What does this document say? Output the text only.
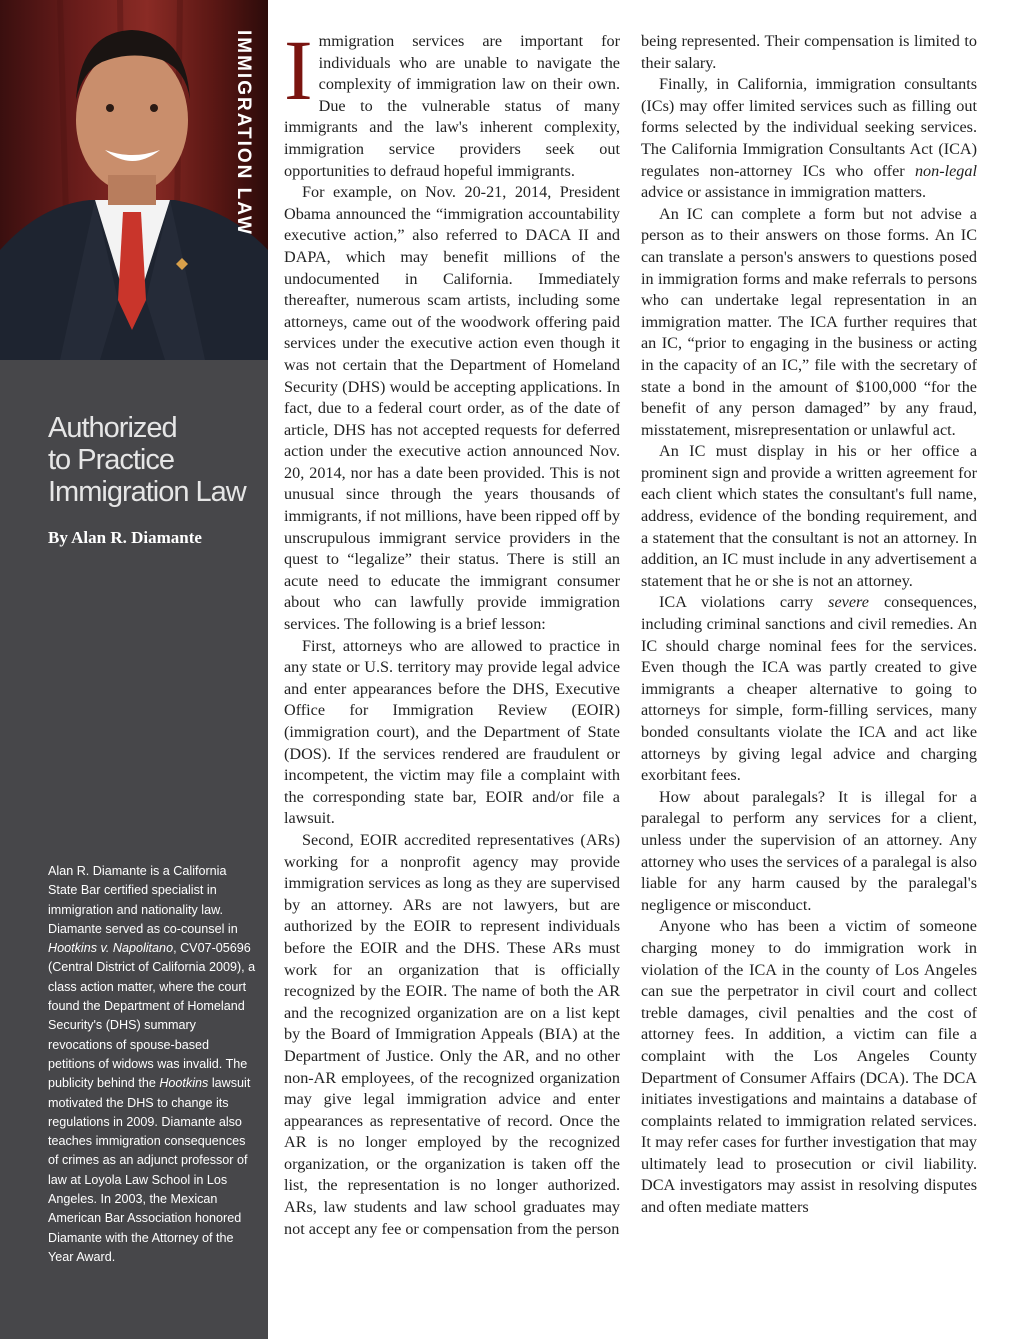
IMMIGRATION LAW
Authorized
to Practice
Immigration Law

By Alan R. Diamante

Alan R. Diamante is a California State Bar certified specialist in immigration and nationality law. Diamante served as co-counsel in Hootkins v. Napolitano, CV07-05696 (Central District of California 2009), a class action matter, where the court found the Department of Homeland Security's (DHS) summary revocations of spouse-based petitions of widows was invalid. The publicity behind the Hootkins lawsuit motivated the DHS to change its regulations in 2009. Diamante also teaches immigration consequences of crimes as an adjunct professor of law at Loyola Law School in Los Angeles. In 2003, the Mexican American Bar Association honored Diamante with the Attorney of the Year Award.

Immigration services are important for individuals who are unable to navigate the complexity of immigration law on their own. Due to the vulnerable status of many immigrants and the law's inherent complexity, immigration service providers seek out opportunities to defraud hopeful immigrants.

For example, on Nov. 20-21, 2014, President Obama announced the “immigration accountability executive action,” also referred to DACA II and DAPA, which may benefit millions of the undocumented in California. Immediately thereafter, numerous scam artists, including some attorneys, came out of the woodwork offering paid services under the executive action even though it was not certain that the Department of Homeland Security (DHS) would be accepting applications. In fact, due to a federal court order, as of the date of article, DHS has not accepted requests for deferred action under the executive action announced Nov. 20, 2014, nor has a date been provided. This is not unusual since through the years thousands of immigrants, if not millions, have been ripped off by unscrupulous immigrant service providers in the quest to “legalize” their status. There is still an acute need to educate the immigrant consumer about who can lawfully provide immigration services. The following is a brief lesson:

First, attorneys who are allowed to practice in any state or U.S. territory may provide legal advice and enter appearances before the DHS, Executive Office for Immigration Review (EOIR) (immigration court), and the Department of State (DOS). If the services rendered are fraudulent or incompetent, the victim may file a complaint with the corresponding state bar, EOIR and/or file a lawsuit.

Second, EOIR accredited representatives (ARs) working for a nonprofit agency may provide immigration services as long as they are supervised by an attorney. ARs are not lawyers, but are authorized by the EOIR to represent individuals before the EOIR and the DHS. These ARs must work for an organization that is officially recognized by the EOIR. The name of both the AR and the recognized organization are on a list kept by the Board of Immigration Appeals (BIA) at the Department of Justice. Only the AR, and no other non-AR employees, of the recognized organization may give legal immigration advice and enter appearances as representative of record. Once the AR is no longer employed by the recognized organization, or the organization is taken off the list, the representation is no longer authorized. ARs, law students and law school graduates may not accept any fee or compensation from the person

being represented. Their compensation is limited to their salary.

Finally, in California, immigration consultants (ICs) may offer limited services such as filling out forms selected by the individual seeking services. The California Immigration Consultants Act (ICA) regulates non-attorney ICs who offer non-legal advice or assistance in immigration matters.

An IC can complete a form but not advise a person as to their answers on those forms. An IC can translate a person's answers to questions posed in immigration forms and make referrals to persons who can undertake legal representation in an immigration matter. The ICA further requires that an IC, “prior to engaging in the business or acting in the capacity of an IC,” file with the secretary of state a bond in the amount of $100,000 “for the benefit of any person damaged” by any fraud, misstatement, misrepresentation or unlawful act.

An IC must display in his or her office a prominent sign and provide a written agreement for each client which states the consultant's full name, address, evidence of the bonding requirement, and a statement that the consultant is not an attorney. In addition, an IC must include in any advertisement a statement that he or she is not an attorney.

ICA violations carry severe consequences, including criminal sanctions and civil remedies. An IC should charge nominal fees for the services. Even though the ICA was partly created to give immigrants a cheaper alternative to going to attorneys for simple, form-filling services, many bonded consultants violate the ICA and act like attorneys by giving legal advice and charging exorbitant fees.

How about paralegals? It is illegal for a paralegal to perform any services for a client, unless under the supervision of an attorney. Any attorney who uses the services of a paralegal is also liable for any harm caused by the paralegal's negligence or misconduct.

Anyone who has been a victim of someone charging money to do immigration work in violation of the ICA in the county of Los Angeles can sue the perpetrator in civil court and collect treble damages, civil penalties and the cost of attorney fees. In addition, a victim can file a complaint with the Los Angeles County Department of Consumer Affairs (DCA). The DCA initiates investigations and maintains a database of complaints related to immigration related services. It may refer cases for further investigation that may ultimately lead to prosecution or civil liability. DCA investigators may assist in resolving disputes and often mediate matters
